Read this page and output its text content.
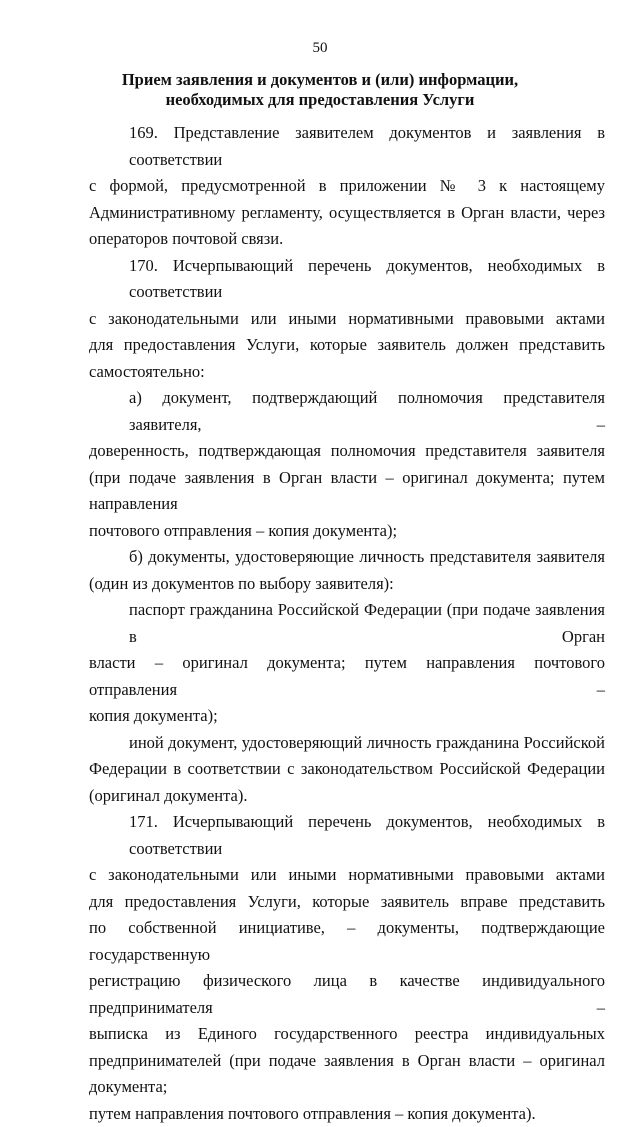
50
Прием заявления и документов и (или) информации,
необходимых для предоставления Услуги
169. Представление заявителем документов и заявления в соответствии
с формой, предусмотренной в приложении № 3 к настоящему
Административному регламенту, осуществляется в Орган власти, через
операторов почтовой связи.
170. Исчерпывающий перечень документов, необходимых в соответствии
с законодательными или иными нормативными правовыми актами
для предоставления Услуги, которые заявитель должен представить
самостоятельно:
а) документ, подтверждающий полномочия представителя заявителя, –
доверенность, подтверждающая полномочия представителя заявителя
(при подаче заявления в Орган власти – оригинал документа; путем направления
почтового отправления – копия документа);
б) документы, удостоверяющие личность представителя заявителя
(один из документов по выбору заявителя):
паспорт гражданина Российской Федерации (при подаче заявления в Орган
власти – оригинал документа; путем направления почтового отправления –
копия документа);
иной документ, удостоверяющий личность гражданина Российской
Федерации в соответствии с законодательством Российской Федерации
(оригинал документа).
171. Исчерпывающий перечень документов, необходимых в соответствии
с законодательными или иными нормативными правовыми актами
для предоставления Услуги, которые заявитель вправе представить
по собственной инициативе, – документы, подтверждающие государственную
регистрацию физического лица в качестве индивидуального предпринимателя –
выписка из Единого государственного реестра индивидуальных
предпринимателей (при подаче заявления в Орган власти – оригинал документа;
путем направления почтового отправления – копия документа).
